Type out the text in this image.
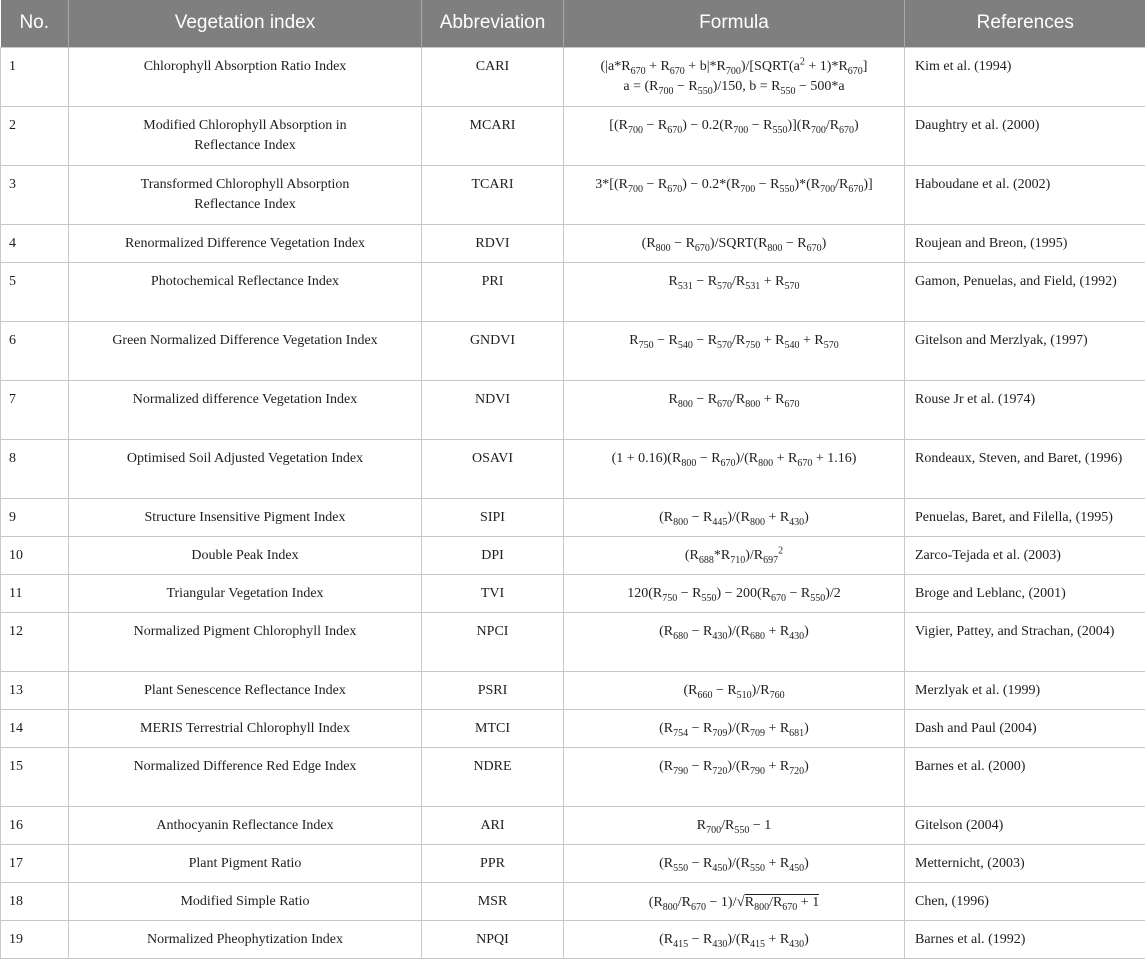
No.	Vegetation index	Abbreviation	Formula	References
1	Chlorophyll Absorption Ratio Index	CARI	($|a*R_{670} + R_{670}$ + $b|*R_{700})/[SQRT(a^2 + 1)*R_{670}]$
$a = (R_{700} - R_{550})/150$, $b = R_{550} - 500*a$	Kim et al. (1994)
2	Modified Chlorophyll Absorption in Reflectance Index	MCARI	$[(R_{700} - R_{670}) - 0.2(R_{700} - R_{550})](R_{700}/R_{670})$	Daughtry et al. (2000)
3	Transformed Chlorophyll Absorption Reflectance Index	TCARI	$3*[(R_{700} - R_{670}) - 0.2*(R_{700} - R_{550})*(R_{700}/R_{670})]$	Haboudane et al. (2002)
4	Renormalized Difference Vegetation Index	RDVI	($R_{800}$ − $R_{670})/SQRT(R_{800} - R_{670})$	Roujean and Breon, (1995)
5	Photochemical Reflectance Index	PRI	$R_{531} - R_{570}/R_{531} + R_{570}$	Gamon, Penuelas, and Field, (1992)
6	Green Normalized Difference Vegetation Index	GNDVI	$R_{750} - R_{540} - R_{570}/R_{750} + R_{540} + R_{570}$	Gitelson and Merzlyak, (1997)
7	Normalized difference Vegetation Index	NDVI	$R_{800} - R_{670}/R_{800} + R_{670}$	Rouse Jr et al. (1974)
8	Optimised Soil Adjusted Vegetation Index	OSAVI	$(1 + 0.16)(R_{800} - R_{670})/(R_{800} + R_{670} + 1.16)$	Rondeaux, Steven, and Baret, (1996)
9	Structure Insensitive Pigment Index	SIPI	$(R_{800} - R_{445})/(R_{800} + R_{430})$	Penuelas, Baret, and Filella, (1995)
10	Double Peak Index	DPI	$(R_{688}*R_{710})/R_{697}^2$	Zarco-Tejada et al. (2003)
11	Triangular Vegetation Index	TVI	$120(R_{750} - R_{550}) - 200(R_{670} - R_{550})/2$	Broge and Leblanc, (2001)
12	Normalized Pigment Chlorophyll Index	NPCI	$(R_{680} - R_{430})/(R_{680} + R_{430})$	Vigier, Pattey, and Strachan, (2004)
13	Plant Senescence Reflectance Index	PSRI	$(R_{660} - R_{510})/R_{760}$	Merzlyak et al. (1999)
14	MERIS Terrestrial Chlorophyll Index	MTCI	$(R_{754} - R_{709})/(R_{709} + R_{681})$	Dash and Paul (2004)
15	Normalized Difference Red Edge Index	NDRE	$(R_{790} - R_{720})/(R_{790} + R_{720})$	Barnes et al. (2000)
16	Anthocyanin Reflectance Index	ARI	$R_{700}/R_{550} - 1$	Gitelson (2004)
17	Plant Pigment Ratio	PPR	$(R_{550} - R_{450})/(R_{550} + R_{450})$	Metternicht, (2003)
18	Modified Simple Ratio	MSR	$(R_{800}/R_{670} - 1)/√R_{800}/R_{670} + 1$	Chen, (1996)
19	Normalized Pheophytization Index	NPQI	$(R_{415} - R_{430})/(R_{415} + R_{430})$	Barnes et al. (1992)
